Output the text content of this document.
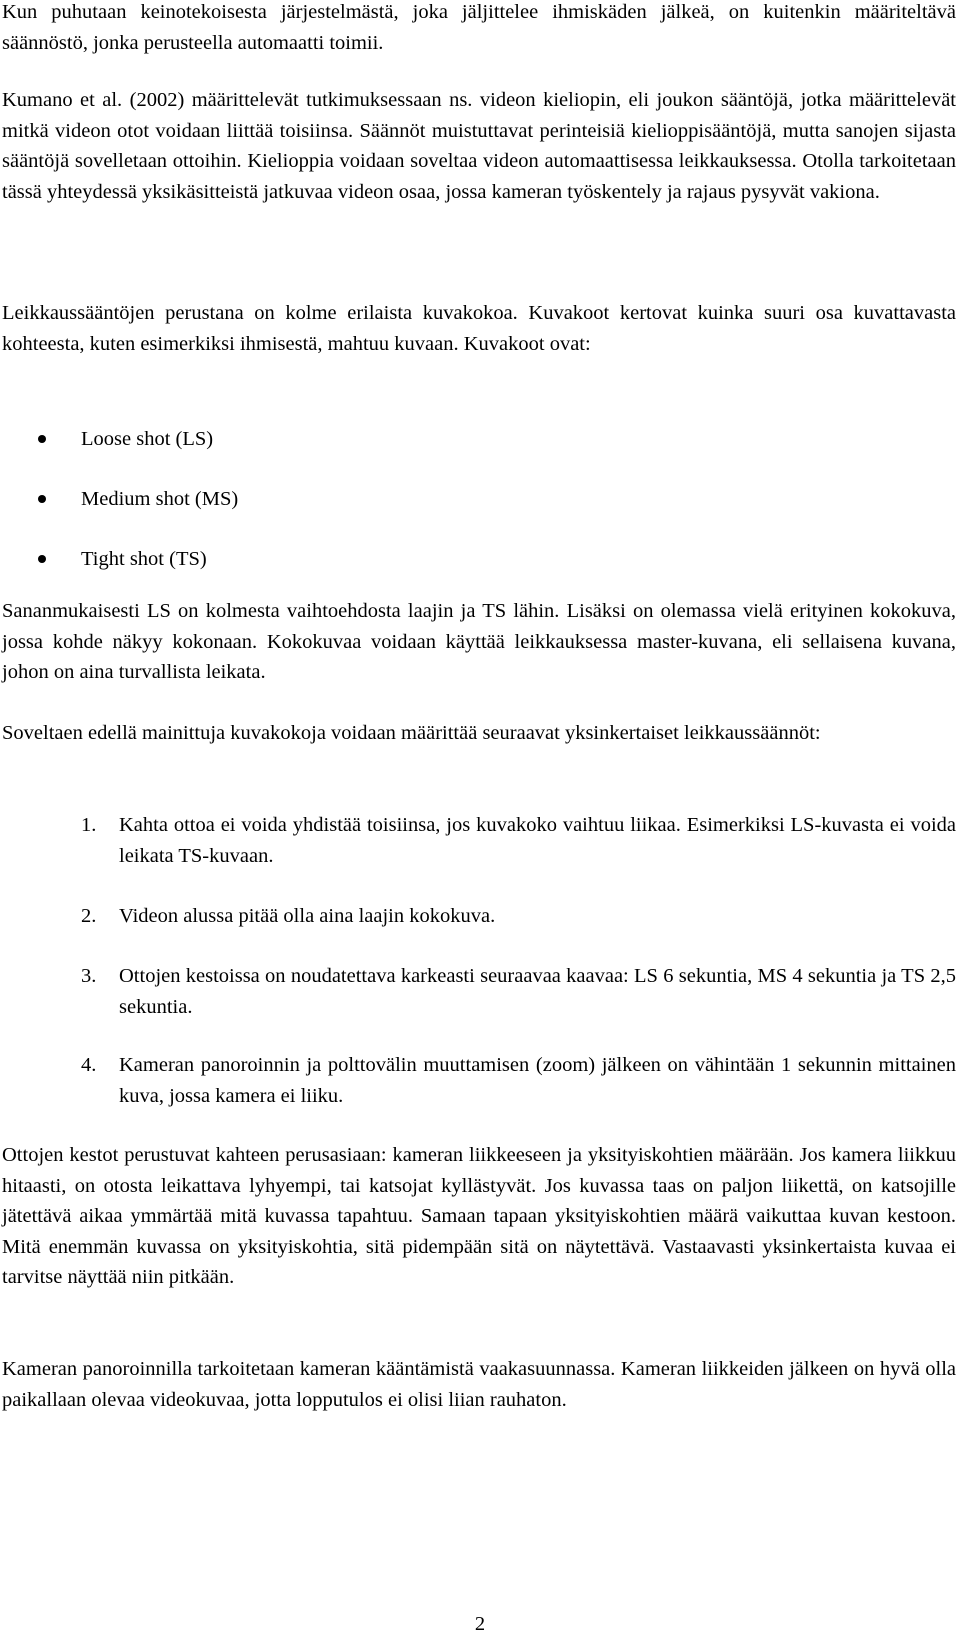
Kun puhutaan keinotekoisesta järjestelmästä, joka jäljittelee ihmiskäden jälkeä, on kuitenkin määriteltävä säännöstö, jonka perusteella automaatti toimii.

Kumano et al. (2002) määrittelevät tutkimuksessaan ns. videon kieliopin, eli joukon sääntöjä, jotka määrittelevät mitkä videon otot voidaan liittää toisiinsa. Säännöt muistuttavat perinteisiä kielioppisääntöjä, mutta sanojen sijasta sääntöjä sovelletaan ottoihin. Kielioppia voidaan soveltaa videon automaattisessa leikkauksessa. Otolla tarkoitetaan tässä yhteydessä yksikäsitteistä jatkuvaa videon osaa, jossa kameran työskentely ja rajaus pysyvät vakiona.

Leikkaussääntöjen perustana on kolme erilaista kuvakokoa. Kuvakoot kertovat kuinka suuri osa kuvattavasta kohteesta, kuten esimerkiksi ihmisestä, mahtuu kuvaan. Kuvakoot ovat:

Loose shot (LS)
Medium shot (MS)
Tight shot (TS)

Sananmukaisesti LS on kolmesta vaihtoehdosta laajin ja TS lähin. Lisäksi on olemassa vielä erityinen kokokuva, jossa kohde näkyy kokonaan. Kokokuvaa voidaan käyttää leikkauksessa master-kuvana, eli sellaisena kuvana, johon on aina turvallista leikata.

Soveltaen edellä mainittuja kuvakokoja voidaan määrittää seuraavat yksinkertaiset leikkaussäännöt:

1. Kahta ottoa ei voida yhdistää toisiinsa, jos kuvakoko vaihtuu liikaa. Esimerkiksi LS-kuvasta ei voida leikata TS-kuvaan.
2. Videon alussa pitää olla aina laajin kokokuva.
3. Ottojen kestoissa on noudatettava karkeasti seuraavaa kaavaa: LS 6 sekuntia, MS 4 sekuntia ja TS 2,5 sekuntia.
4. Kameran panoroinnin ja polttovälin muuttamisen (zoom) jälkeen on vähintään 1 sekunnin mittainen kuva, jossa kamera ei liiku.

Ottojen kestot perustuvat kahteen perusasiaan: kameran liikkeeseen ja yksityiskohtien määrään. Jos kamera liikkuu hitaasti, on otosta leikattava lyhyempi, tai katsojat kyllästyvät. Jos kuvassa taas on paljon liikettä, on katsojille jätettävä aikaa ymmärtää mitä kuvassa tapahtuu. Samaan tapaan yksityiskohtien määrä vaikuttaa kuvan kestoon. Mitä enemmän kuvassa on yksityiskohtia, sitä pidempään sitä on näytettävä. Vastaavasti yksinkertaista kuvaa ei tarvitse näyttää niin pitkään.

Kameran panoroinnilla tarkoitetaan kameran kääntämistä vaakasuunnassa. Kameran liikkeiden jälkeen on hyvä olla paikallaan olevaa videokuvaa, jotta lopputulos ei olisi liian rauhaton.

2
